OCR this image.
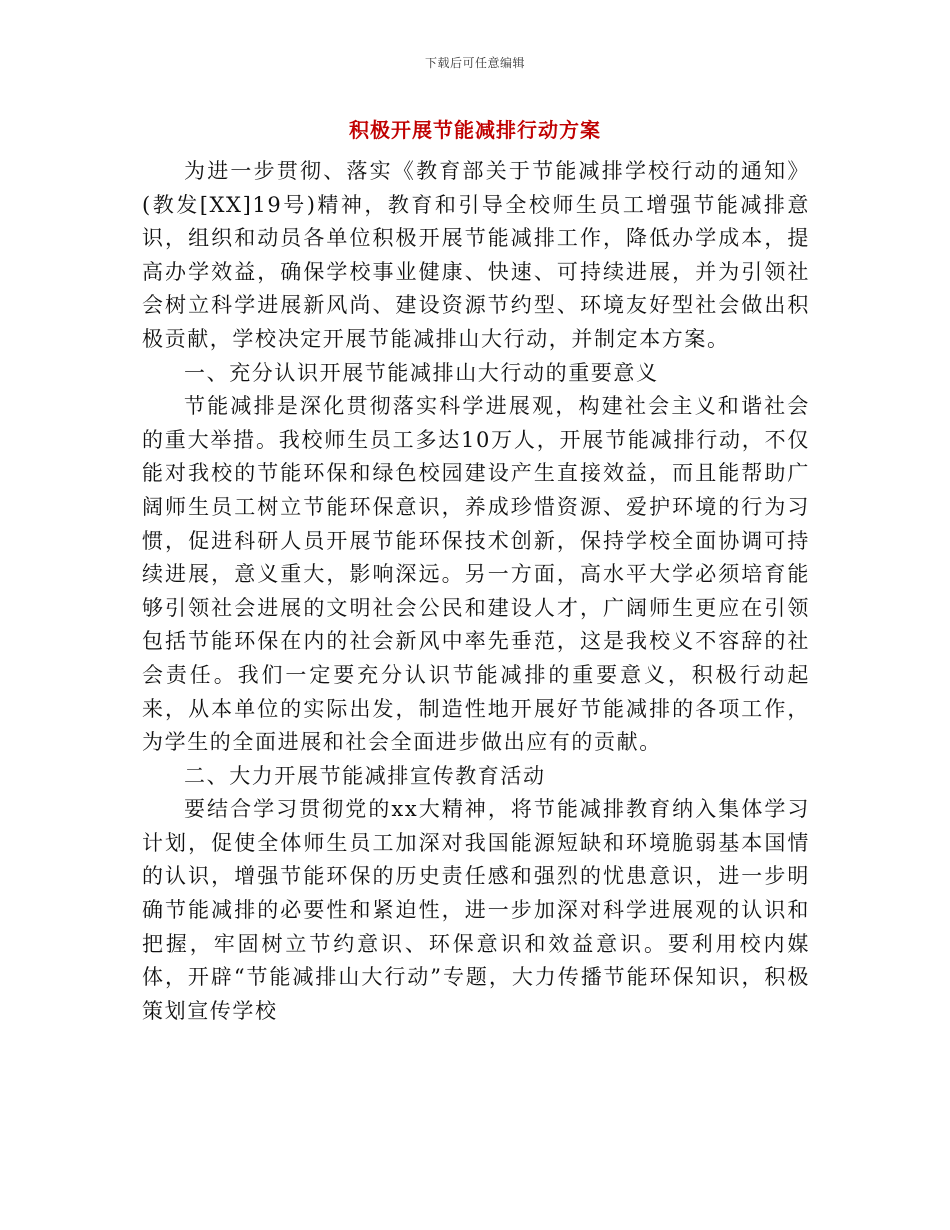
下载后可任意编辑
积极开展节能减排行动方案

为进一步贯彻、落实《教育部关于节能减排学校行动的通知》(教发[XX]19号)精神，教育和引导全校师生员工增强节能减排意识，组织和动员各单位积极开展节能减排工作，降低办学成本，提高办学效益，确保学校事业健康、快速、可持续进展，并为引领社会树立科学进展新风尚、建设资源节约型、环境友好型社会做出积极贡献，学校决定开展节能减排山大行动，并制定本方案。

一、充分认识开展节能减排山大行动的重要意义

节能减排是深化贯彻落实科学进展观，构建社会主义和谐社会的重大举措。我校师生员工多达10万人，开展节能减排行动，不仅能对我校的节能环保和绿色校园建设产生直接效益，而且能帮助广阔师生员工树立节能环保意识，养成珍惜资源、爱护环境的行为习惯，促进科研人员开展节能环保技术创新，保持学校全面协调可持续进展，意义重大，影响深远。另一方面，高水平大学必须培育能够引领社会进展的文明社会公民和建设人才，广阔师生更应在引领包括节能环保在内的社会新风中率先垂范，这是我校义不容辞的社会责任。我们一定要充分认识节能减排的重要意义，积极行动起来，从本单位的实际出发，制造性地开展好节能减排的各项工作，为学生的全面进展和社会全面进步做出应有的贡献。

二、大力开展节能减排宣传教育活动

要结合学习贯彻党的xx大精神，将节能减排教育纳入集体学习计划，促使全体师生员工加深对我国能源短缺和环境脆弱基本国情的认识，增强节能环保的历史责任感和强烈的忧患意识，进一步明确节能减排的必要性和紧迫性，进一步加深对科学进展观的认识和把握，牢固树立节约意识、环保意识和效益意识。要利用校内媒体，开辟“节能减排山大行动”专题，大力传播节能环保知识，积极策划宣传学校
